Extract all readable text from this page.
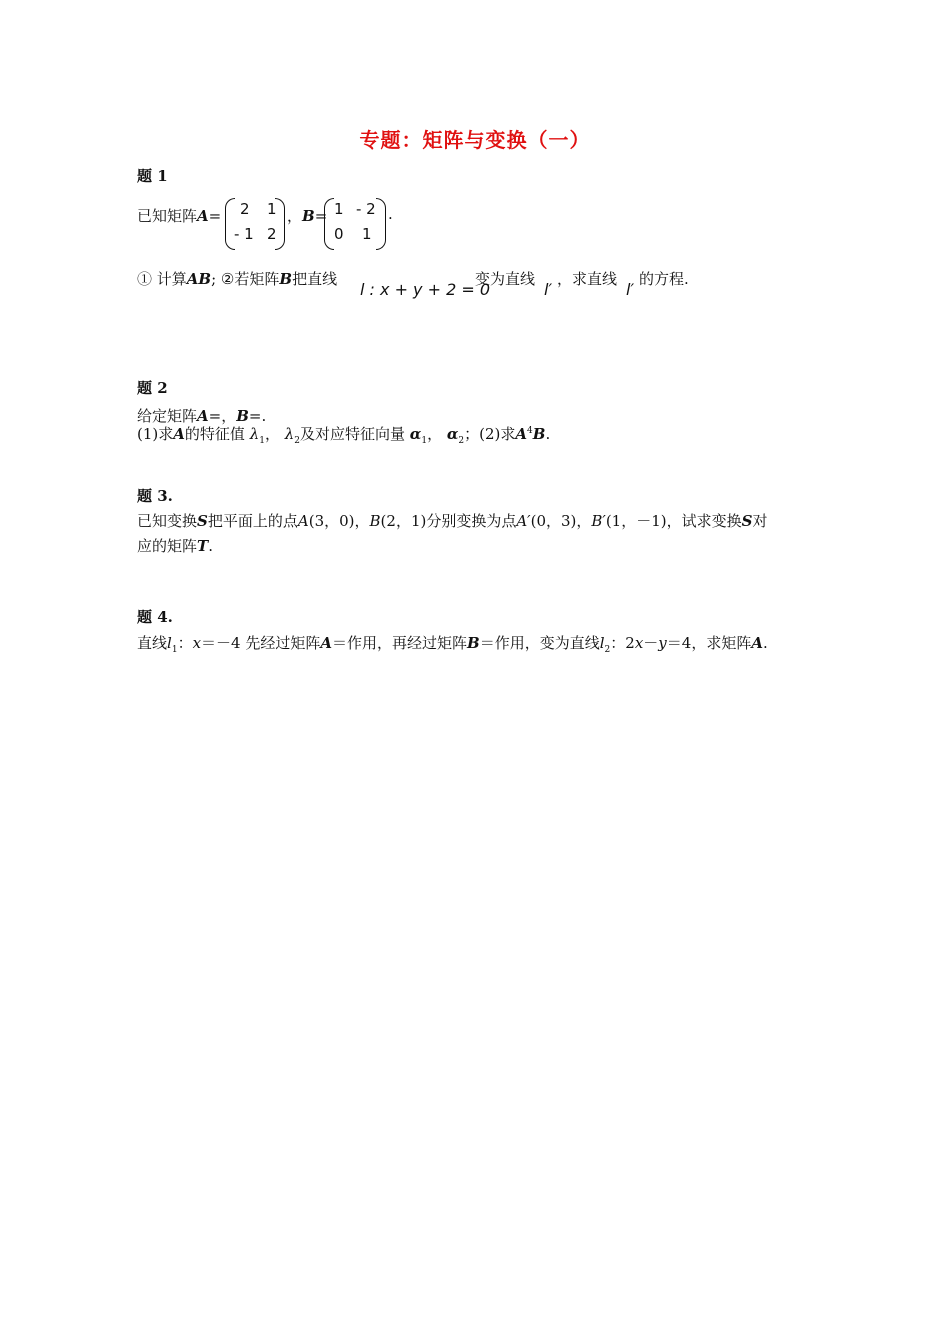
专题：矩阵与变换（一）
题 1
已知矩阵A= 2 1
- 1 2
，B= 1 - 2
0 1
.
① 计算AB; ②若矩阵B把直线
l : x + y + 2 = 0
变为直线
l′
，求直线
l′
的方程.
题 2
给定矩阵A=，B=.
(1)求A的特征值 $\lambda_1$， $\lambda_2$及对应特征向量 $\alpha_1$， $\alpha_2$；(2)求$A^4B$.
题 3.
已知变换S把平面上的点A(3，0)，B(2，1)分别变换为点A′(0，3)，B′(1，－1)，试求变换S对
应的矩阵T.
题 4.
直线$l_1$：x＝－4 先经过矩阵A＝作用，再经过矩阵B＝作用，变为直线$l_2$：2x－y＝4，求矩阵A.
